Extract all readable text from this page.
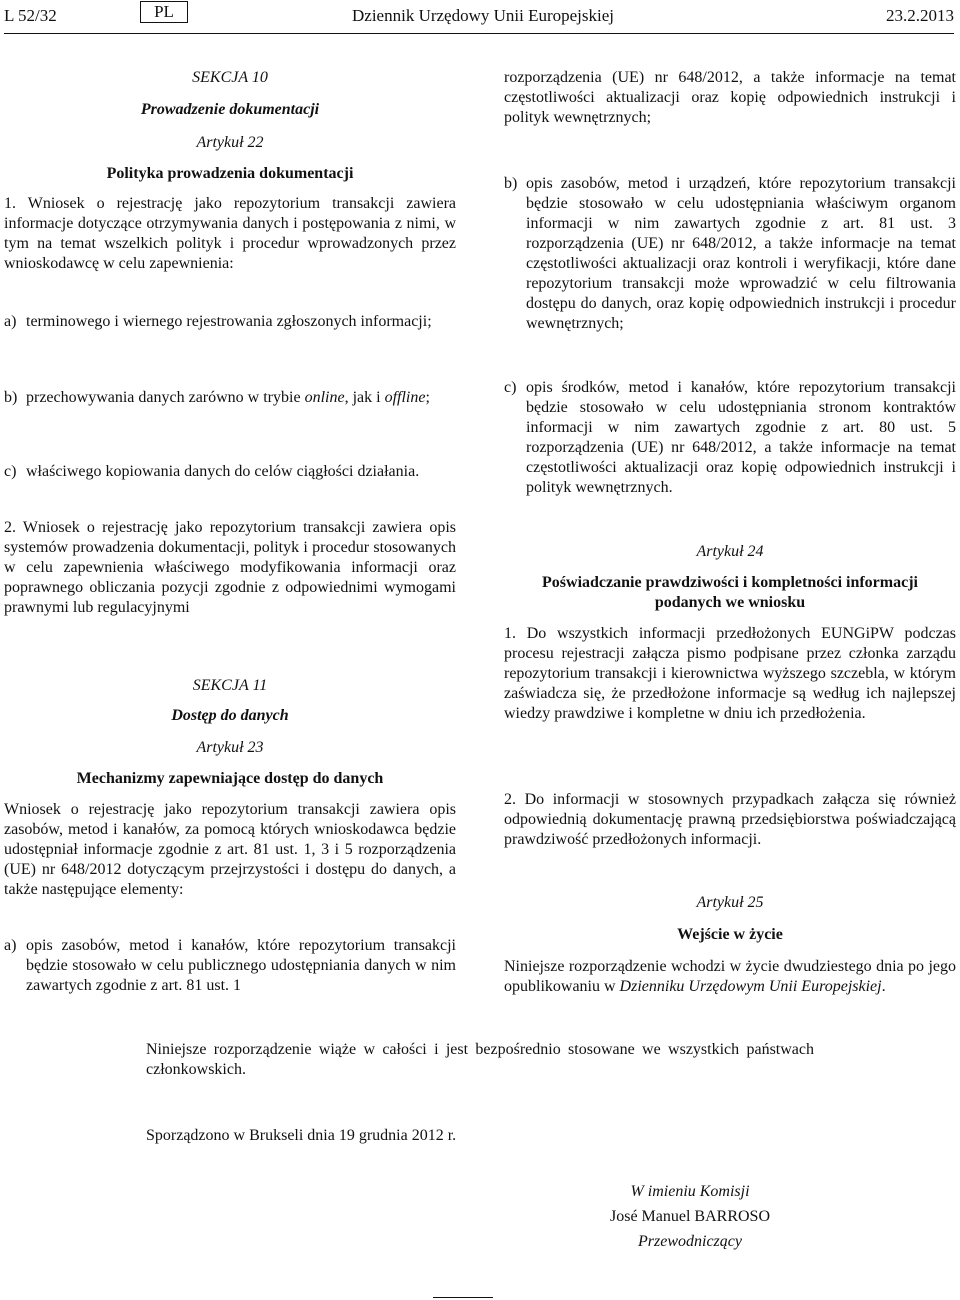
L 52/32	PL	Dziennik Urzędowy Unii Europejskiej	23.2.2013
SEKCJA 10
Prowadzenie dokumentacji
Artykuł 22
Polityka prowadzenia dokumentacji
1. Wniosek o rejestrację jako repozytorium transakcji zawiera informacje dotyczące otrzymywania danych i postępowania z nimi, w tym na temat wszelkich polityk i procedur wprowadzonych przez wnioskodawcę w celu zapewnienia:
a) terminowego i wiernego rejestrowania zgłoszonych informacji;
b) przechowywania danych zarówno w trybie online, jak i offline;
c) właściwego kopiowania danych do celów ciągłości działania.
2. Wniosek o rejestrację jako repozytorium transakcji zawiera opis systemów prowadzenia dokumentacji, polityk i procedur stosowanych w celu zapewnienia właściwego modyfikowania informacji oraz poprawnego obliczania pozycji zgodnie z odpowiednimi wymogami prawnymi lub regulacyjnymi
SEKCJA 11
Dostęp do danych
Artykuł 23
Mechanizmy zapewniające dostęp do danych
Wniosek o rejestrację jako repozytorium transakcji zawiera opis zasobów, metod i kanałów, za pomocą których wnioskodawca będzie udostępniał informacje zgodnie z art. 81 ust. 1, 3 i 5 rozporządzenia (UE) nr 648/2012 dotyczącym przejrzystości i dostępu do danych, a także następujące elementy:
a) opis zasobów, metod i kanałów, które repozytorium transakcji będzie stosowało w celu publicznego udostępniania danych w nim zawartych zgodnie z art. 81 ust. 1
rozporządzenia (UE) nr 648/2012, a także informacje na temat częstotliwości aktualizacji oraz kopię odpowiednich instrukcji i polityk wewnętrznych;
b) opis zasobów, metod i urządzeń, które repozytorium transakcji będzie stosowało w celu udostępniania właściwym organom informacji w nim zawartych zgodnie z art. 81 ust. 3 rozporządzenia (UE) nr 648/2012, a także informacje na temat częstotliwości aktualizacji oraz kontroli i weryfikacji, które dane repozytorium transakcji może wprowadzić w celu filtrowania dostępu do danych, oraz kopię odpowiednich instrukcji i procedur wewnętrznych;
c) opis środków, metod i kanałów, które repozytorium transakcji będzie stosowało w celu udostępniania stronom kontraktów informacji w nim zawartych zgodnie z art. 80 ust. 5 rozporządzenia (UE) nr 648/2012, a także informacje na temat częstotliwości aktualizacji oraz kopię odpowiednich instrukcji i polityk wewnętrznych.
Artykuł 24
Poświadczanie prawdziwości i kompletności informacji podanych we wniosku
1. Do wszystkich informacji przedłożonych EUNGiPW podczas procesu rejestracji załącza pismo podpisane przez członka zarządu repozytorium transakcji i kierownictwa wyższego szczebla, w którym zaświadcza się, że przedłożone informacje są według ich najlepszej wiedzy prawdziwe i kompletne w dniu ich przedłożenia.
2. Do informacji w stosownych przypadkach załącza się również odpowiednią dokumentację prawną przedsiębiorstwa poświadczającą prawdziwość przedłożonych informacji.
Artykuł 25
Wejście w życie
Niniejsze rozporządzenie wchodzi w życie dwudziestego dnia po jego opublikowaniu w Dzienniku Urzędowym Unii Europejskiej.
Niniejsze rozporządzenie wiąże w całości i jest bezpośrednio stosowane we wszystkich państwach członkowskich.
Sporządzono w Brukseli dnia 19 grudnia 2012 r.
W imieniu Komisji
José Manuel BARROSO
Przewodniczący
